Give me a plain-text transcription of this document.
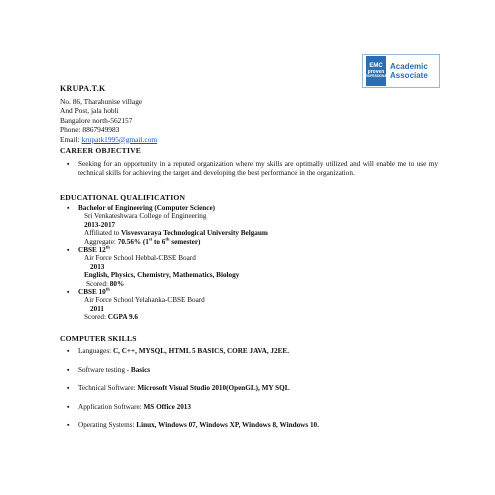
EMC
proven
PROFESSIONAL
Academic
Associate
KRUPA.T.K
No. 86, Tharahunise village
And Post, jala hobli
Bangalore north-562157
Phone: 8867949983
Email: krupatk1995@gmail.com
CAREER OBJECTIVE
▪ Seeking for an opportunity in a reputed organization where my skills are optimally utilized and will enable me to use my technical skills for achieving the target and developing the best performance in the organization.
EDUCATIONAL QUALIFICATION
▪ Bachelor of Engineering (Computer Science)
Sri Venkateshwara College of Engineering
2013-2017
Affiliated to Visvesvaraya Technological University Belgaum
Aggregate: 70.56% (1st to 6th semester)
▪ CBSE 12th
Air Force School Hebbal-CBSE Board
2013
English, Physics, Chemistry, Mathematics, Biology
Scored: 80%
▪ CBSE 10th
Air Force School Yelahanka-CBSE Board
2011
Scored: CGPA 9.6
COMPUTER SKILLS
▪ Languages: C, C++, MYSQL, HTML 5 BASICS, CORE JAVA, J2EE.
▪ Software testing - Basics
▪ Technical Software: Microsoft Visual Studio 2010(OpenGL), MY SQL
▪ Application Software: MS Office 2013
▪ Operating Systems: Linux, Windows 07, Windows XP, Windows 8, Windows 10.
